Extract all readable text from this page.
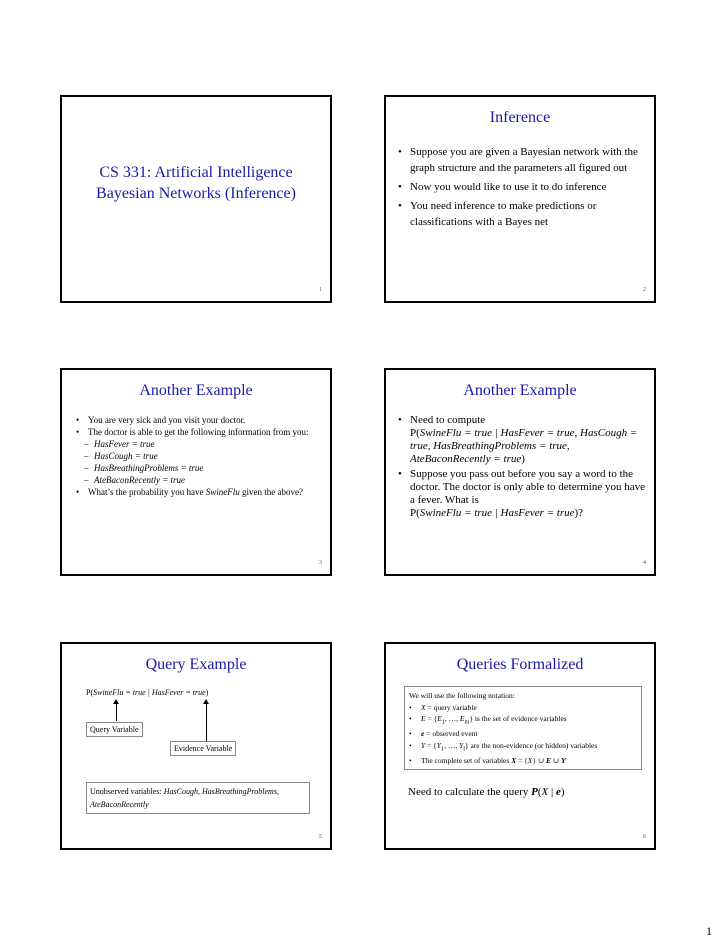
CS 331: Artificial Intelligence
Bayesian Networks (Inference)
1
Inference
• Suppose you are given a Bayesian network with the graph structure and the parameters all figured out
• Now you would like to use it to do inference
• You need inference to make predictions or classifications with a Bayes net
2
Another Example
• You are very sick and you visit your doctor.
• The doctor is able to get the following information from you:
– HasFever = true
– HasCough = true
– HasBreathingProblems = true
– AteBaconRecently = true
• What’s the probability you have SwineFlu given the above?
3
Another Example
• Need to compute
P(SwineFlu = true | HasFever = true, HasCough = true, HasBreathingProblems = true, AteBaconRecently = true)
• Suppose you pass out before you say a word to the doctor. The doctor is only able to determine you have a fever. What is
P(SwineFlu = true | HasFever = true)?
4
Query Example
P(SwineFlu = true | HasFever = true)
Query Variable
Evidence Variable
Unobserved variables: HasCough, HasBreathingProblems, AteBaconRecently
5
Queries Formalized
We will use the following notation:
• X = query variable
• $E = \{E_1$, …, $E_m$} is the set of evidence variables
• e = observed event
• $Y = \{Y_1$, …, $Y_l$} are the non-evidence (or hidden) variables
• The complete set of variables X = {X} ∪ E ∪ Y
Need to calculate the query P(X | e)
6
1
